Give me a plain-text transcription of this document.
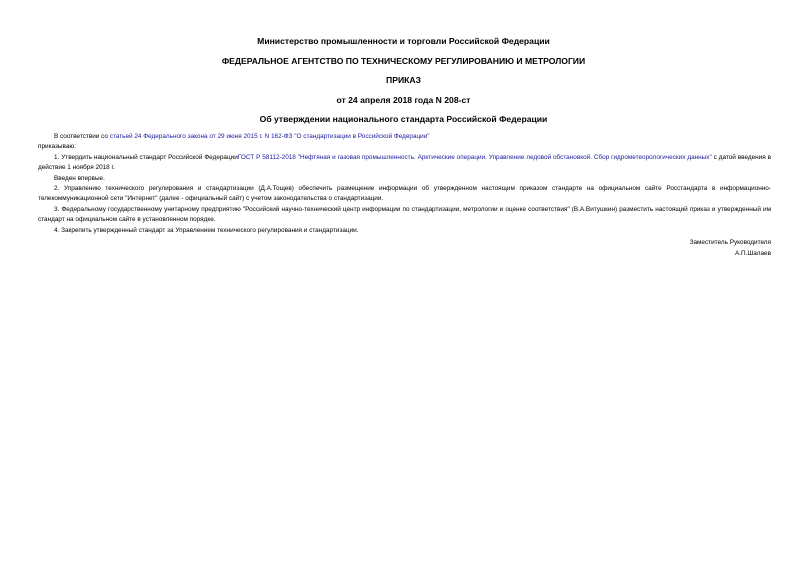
Министерство промышленности и торговли Российской Федерации
ФЕДЕРАЛЬНОЕ АГЕНТСТВО ПО ТЕХНИЧЕСКОМУ РЕГУЛИРОВАНИЮ И МЕТРОЛОГИИ
ПРИКАЗ
от 24 апреля 2018 года N 208-ст
Об утверждении национального стандарта Российской Федерации

В соответствии со статьей 24 Федерального закона от 29 июня 2015 г. N 162-ФЗ "О стандартизации в Российской Федерации"

приказываю:

1. Утвердить национальный стандарт Российской ФедерацииГОСТ Р 58112-2018 "Нефтяная и газовая промышленность. Арктические операции. Управление ледовой обстановкой. Сбор гидрометеорологических данных" с датой введения в действие 1 ноября 2018 г.

Введен впервые.

2. Управлению технического регулирования и стандартизации (Д.А.Тощев) обеспечить размещение информации об утвержденном настоящим приказом стандарте на официальном сайте Росстандарта в информационно-телекоммуникационной сети "Интернет" (далее - официальный сайт) с учетом законодательства о стандартизации.

3. Федеральному государственному унитарному предприятию "Российский научно-технический центр информации по стандартизации, метрологии и оценке соответствия" (В.А.Витушкин) разместить настоящий приказ и утвержденный им стандарт на официальном сайте в установленном порядке.

4. Закрепить утвержденный стандарт за Управлением технического регулирования и стандартизации.

Заместитель Руководителя
А.П.Шалаев
